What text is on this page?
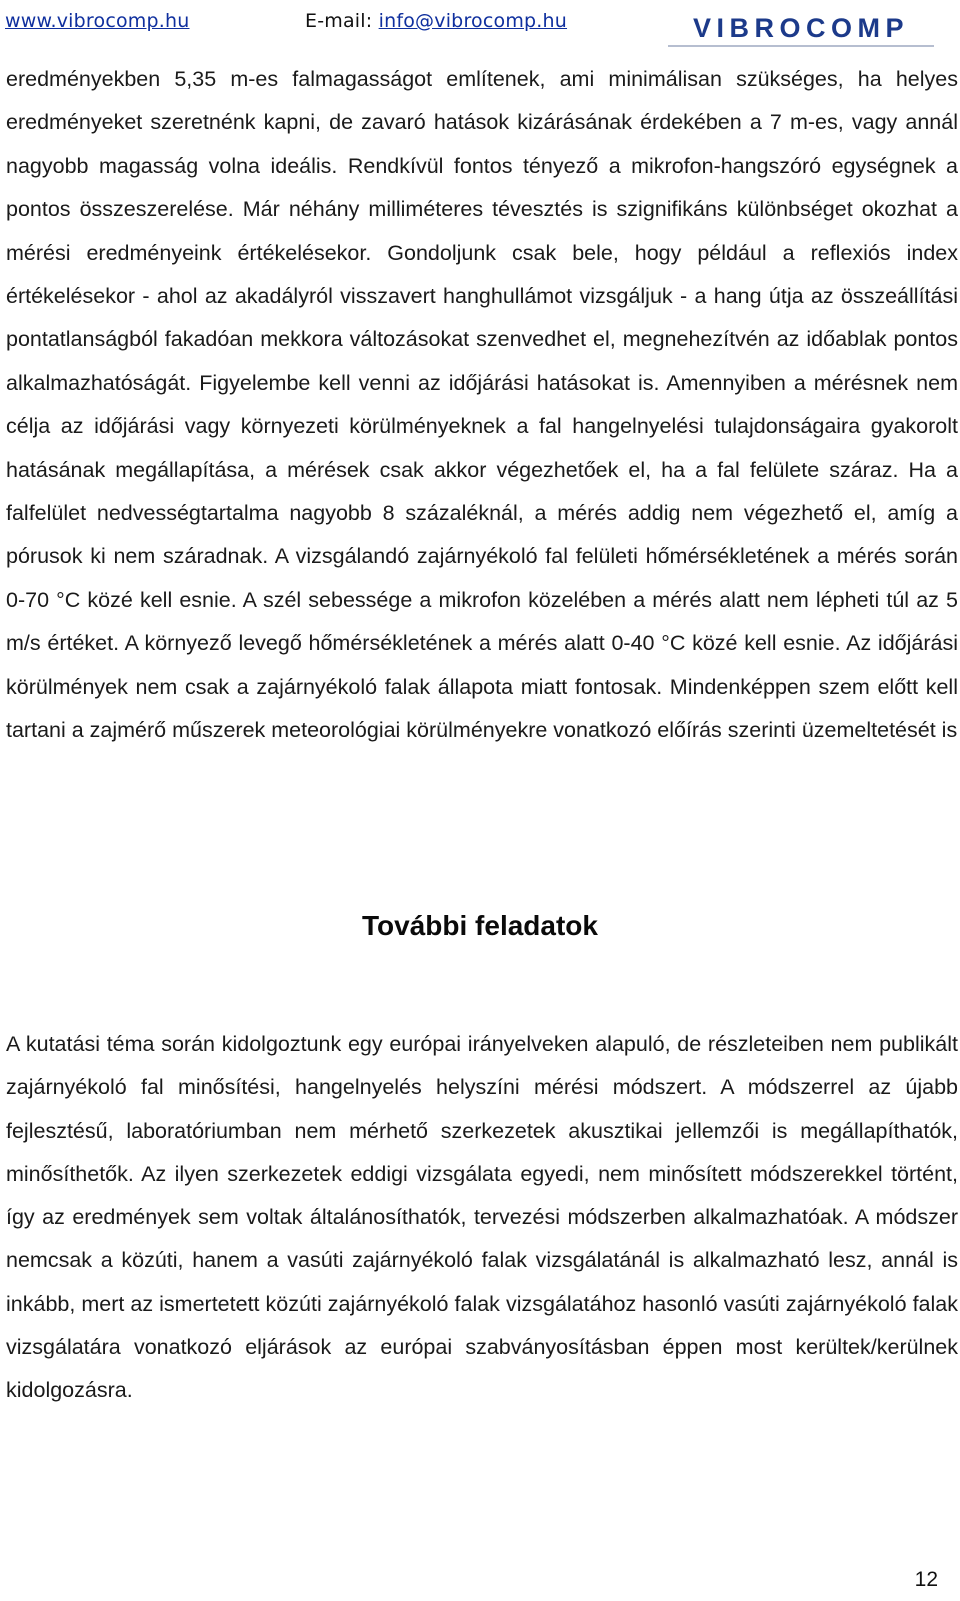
www.vibrocomp.hu	E-mail: info@vibrocomp.hu	VIBROCOMP

eredményekben 5,35 m-es falmagasságot említenek, ami minimálisan szükséges, ha helyes eredményeket szeretnénk kapni, de zavaró hatások kizárásának érdekében a 7 m-es, vagy annál nagyobb magasság volna ideális. Rendkívül fontos tényező a mikrofon-hangszóró egységnek a pontos összeszerelése. Már néhány milliméteres tévesztés is szignifikáns különbséget okozhat a mérési eredményeink értékelésekor. Gondoljunk csak bele, hogy például a reflexiós index értékelésekor - ahol az akadályról visszavert hanghullámot vizsgáljuk - a hang útja az összeállítási pontatlanságból fakadóan mekkora változásokat szenvedhet el, megnehezítvén az időablak pontos alkalmazhatóságát. Figyelembe kell venni az időjárási hatásokat is. Amennyiben a mérésnek nem célja az időjárási vagy környezeti körülményeknek a fal hangelnyelési tulajdonságaira gyakorolt hatásának megállapítása, a mérések csak akkor végezhetőek el, ha a fal felülete száraz. Ha a falfelület nedvességtartalma nagyobb 8 százaléknál, a mérés addig nem végezhető el, amíg a pórusok ki nem száradnak. A vizsgálandó zajárnyékoló fal felületi hőmérsékletének a mérés során 0-70 °C közé kell esnie. A szél sebessége a mikrofon közelében a mérés alatt nem lépheti túl az 5 m/s értéket. A környező levegő hőmérsékletének a mérés alatt 0-40 °C közé kell esnie. Az időjárási körülmények nem csak a zajárnyékoló falak állapota miatt fontosak. Mindenképpen szem előtt kell tartani a zajmérő műszerek meteorológiai körülményekre vonatkozó előírás szerinti üzemeltetését is

További feladatok

A kutatási téma során kidolgoztunk egy európai irányelveken alapuló, de részleteiben nem publikált zajárnyékoló fal minősítési, hangelnyelés helyszíni mérési módszert. A módszerrel az újabb fejlesztésű, laboratóriumban nem mérhető szerkezetek akusztikai jellemzői is megállapíthatók, minősíthetők. Az ilyen szerkezetek eddigi vizsgálata egyedi, nem minősített módszerekkel történt, így az eredmények sem voltak általánosíthatók, tervezési módszerben alkalmazhatóak. A módszer nemcsak a közúti, hanem a vasúti zajárnyékoló falak vizsgálatánál is alkalmazható lesz, annál is inkább, mert az ismertetett közúti zajárnyékoló falak vizsgálatához hasonló vasúti zajárnyékoló falak vizsgálatára vonatkozó eljárások az európai szabványosításban éppen most kerültek/kerülnek kidolgozásra.

12
